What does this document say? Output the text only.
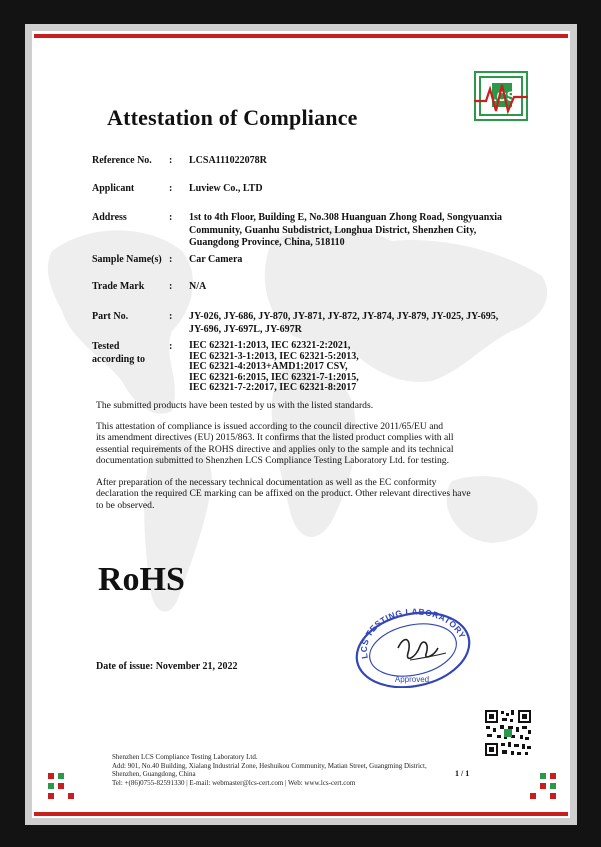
LCS
Attestation of Compliance
Reference No. : LCSA111022078R
Applicant	: Luview Co., LTD
Address	: 1st to 4th Floor, Building E, No.308 Huanguan Zhong Road, Songyuanxia
Community, Guanhu Subdistrict, Longhua District, Shenzhen City,
Guangdong Province, China, 518110
Sample Name(s) : Car Camera
Trade Mark : N/A
Part No.	: JY-026, JY-686, JY-870, JY-871, JY-872, JY-874, JY-879, JY-025, JY-695,
JY-696, JY-697L, JY-697R
Tested
according to
: IEC 62321-1:2013, IEC 62321-2:2021,
IEC 62321-3-1:2013, IEC 62321-5:2013,
IEC 62321-4:2013+AMD1:2017 CSV,
IEC 62321-6:2015, IEC 62321-7-1:2015,
IEC 62321-7-2:2017, IEC 62321-8:2017
The submitted products have been tested by us with the listed standards.
This attestation of compliance is issued according to the council directive 2011/65/EU and
its amendment directives (EU) 2015/863. It confirms that the listed product complies with all
essential requirements of the ROHS directive and applies only to the sample and its technical
documentation submitted to Shenzhen LCS Compliance Testing Laboratory Ltd. for testing.
After preparation of the necessary technical documentation as well as the EC conformity
declaration the required CE marking can be affixed on the product. Other relevant directives have
to be observed.
RoHS
Date of issue: November 21, 2022
LCS TESTING LABORATORY
Approved
Shenzhen LCS Compliance Testing Laboratory Ltd.
Add: 901, No.40 Building, Xialang Industrial Zone, Heshuikou Community, Matian Street, Guangming District,
Shenzhen, Guangdong, China
Tel: +(86)0755-82591330 | E-mail: webmaster@lcs-cert.com | Web: www.lcs-cert.com
1 / 1
